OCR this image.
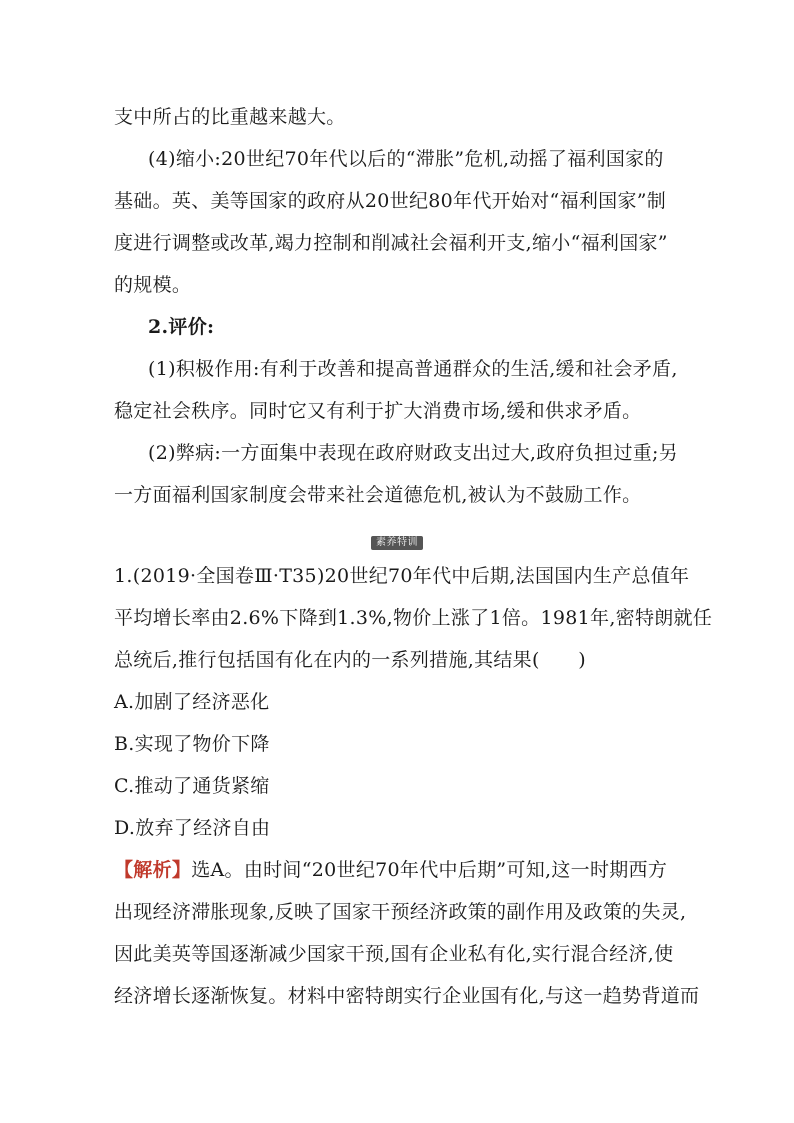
支中所占的比重越来越大。
(4)缩小:20世纪70年代以后的“滞胀”危机,动摇了福利国家的
基础。英、美等国家的政府从20世纪80年代开始对“福利国家”制
度进行调整或改革,竭力控制和削减社会福利开支,缩小“福利国家”
的规模。
2.评价:
(1)积极作用:有利于改善和提高普通群众的生活,缓和社会矛盾,
稳定社会秩序。同时它又有利于扩大消费市场,缓和供求矛盾。
(2)弊病:一方面集中表现在政府财政支出过大,政府负担过重;另
一方面福利国家制度会带来社会道德危机,被认为不鼓励工作。
素养特训
1.(2019·全国卷Ⅲ·T35)20世纪70年代中后期,法国国内生产总值年
平均增长率由2.6%下降到1.3%,物价上涨了1倍。1981年,密特朗就任
总统后,推行包括国有化在内的一系列措施,其结果(　　)
A.加剧了经济恶化
B.实现了物价下降
C.推动了通货紧缩
D.放弃了经济自由
【解析】选A。由时间“20世纪70年代中后期”可知,这一时期西方
出现经济滞胀现象,反映了国家干预经济政策的副作用及政策的失灵,
因此美英等国逐渐减少国家干预,国有企业私有化,实行混合经济,使
经济增长逐渐恢复。材料中密特朗实行企业国有化,与这一趋势背道而
